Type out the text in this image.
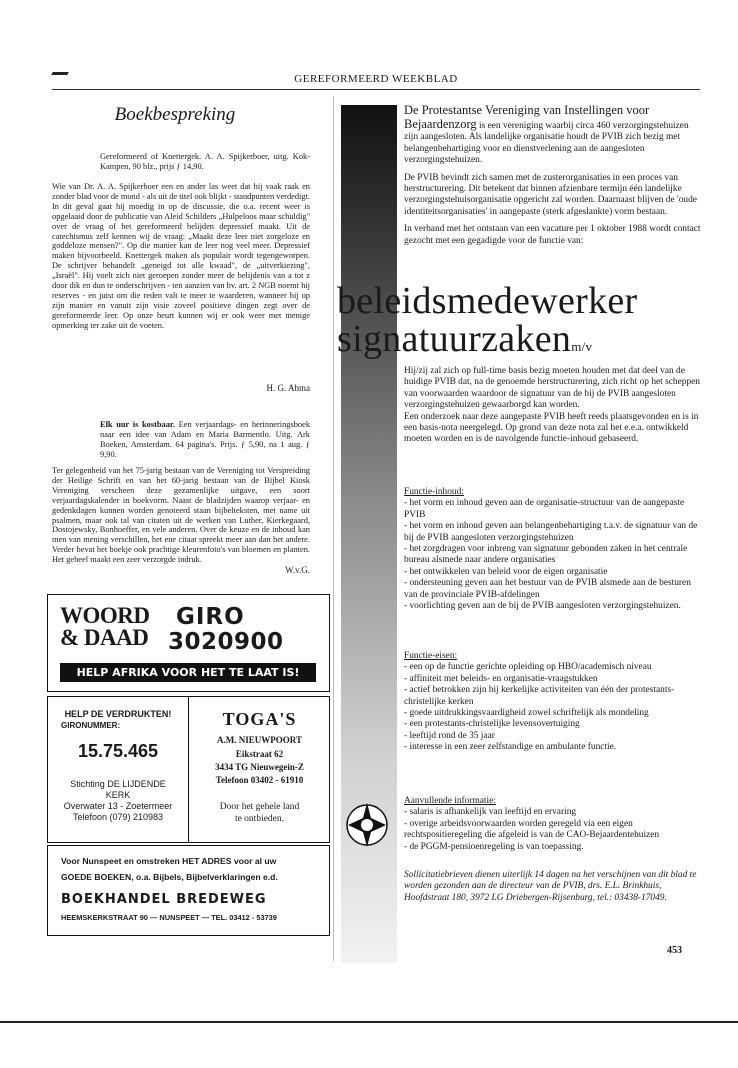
GEREFORMEERD WEEKBLAD
Boekbespreking

Gereformeerd of Knettergek. A. A. Spijkerboer, uitg. Kok-Kampen, 90 blz., prijs ƒ 14,90.

Wie van Dr. A. A. Spijkerboer een en ander las weet dat hij vaak raak en zonder blad voor de mond - als uit de titel ook blijkt - standpunten verdedigt. In dit geval gaat hij moedig in op de discussie, die o.a. recent weer is opgelaaid door de publicatie van Aleid Schilders „Hulpeloos maar schuldig" over de vraag of het gereformeerd belijden depressief maakt. Uit de catechismus zelf kennen wij de vraag: „Maakt deze leer niet zorgeloze en goddeloze mensen?". Op die manier kan de leer nog veel meer. Depressief maken bijvoorbeeld. Knettergek maken als populair wordt tegengeworpen. De schrijver behandelt „geneigd tot alle kwaad", de „uitverkiezing", „Israël". Hij voelt zich niet geroepen zonder meer de belijdenis van a tot z door dik en dun te onderschrijven - ten aanzien van bv. art. 2 NGB noemt hij reserves - en juist om die reden valt te meer te waarderen, wanneer hij op zijn manier en vanuit zijn visie zoveel positieve dingen zegt over de gereformeerde leer. Op onze beurt kunnen wij er ook weer met menige opmerking ter zake uit de voeten.

H. G. Abma

Elk uur is kostbaar. Een verjaardags- en herinneringsboek naar een idee van Adam en Maria Barmentlo. Uitg. Ark Boeken, Amsterdam. 64 pagina's. Prijs. ƒ 5,90, na 1 aug. ƒ 9,90.

Ter gelegenheid van het 75-jarig bestaan van de Vereniging tot Verspreiding der Heilige Schrift en van het 60-jarig bestaan van de Bijbel Kiosk Vereniging verscheen deze gezamenlijke uitgave, een soort verjaardagskalender in boekvorm. Naast de bladzijden waarop verjaar- en gedenkdagen kunnen worden genoteerd staan bijbelteksten, met name uit psalmen, maar ook tal van citaten uit de werken van Luther, Kierkegaard, Dostojewsky, Bonhoeffer, en vele anderen. Over de keuze en de inhoud kan men van mening verschillen, het ene citaat spreekt meer aan dan het andere. Verder bevat het boekje ook prachtige kleurenfoto's van bloemen en planten. Het geheel maakt een zeer verzorgde indruk.

W.v.G.
WOORD
& DAAD
GIRO
3020900
HELP AFRIKA VOOR HET TE LAAT IS!
HELP DE VERDRUKTEN!
GIRONUMMER:
15.75.465
Stichting DE LIJDENDE
KERK
Overwater 13 - Zoetermeer
Telefoon (079) 210983
TOGA'S
A.M. NIEUWPOORT
Eikstraat 62
3434 TG Nieuwegein-Z
Telefoon 03402 - 61910
Door het gehele land
te ontbieden.
Voor Nunspeet en omstreken HET ADRES voor al uw
GOEDE BOEKEN, o.a. Bijbels, Bijbelverklaringen e.d.
BOEKHANDEL BREDEWEG
HEEMSKERKSTRAAT 90 — NUNSPEET — TEL. 03412 - 53739
De Protestantse Vereniging van Instellingen voor

Bejaardenzorg is een vereniging waarbij circa 460 verzorgingstehuizen zijn aangesloten. Als landelijke organisatie houdt de PVIB zich bezig met belangenbehartiging voor en dienstverlening aan de aangesloten verzorgingstehuizen.

De PVIB bevindt zich samen met de zusterorganisaties in een proces van herstructurering. Dit betekent dat binnen afzienbare termijn één landelijke verzorgingstehuisorganisatie opgericht zal worden. Daarnaast blijven de 'oude identiteitsorganisaties' in aangepaste (sterk afgeslankte) vorm bestaan.

In verband met het ontstaan van een vacature per 1 oktober 1988 wordt contact gezocht met een gegadigde voor de functie van:

beleidsmedewerker
signatuurzakenm/v

Hij/zij zal zich op full-time basis bezig moeten houden met dat deel van de huidige PVIB dat, na de genoemde herstructurering, zich richt op het scheppen van voorwaarden waardoor de signatuur van de bij de PVIB aangesloten verzorgingstehuizen gewaarborgd kan worden.

Een onderzoek naar deze aangepaste PVIB heeft reeds plaatsgevonden en is in een basis-nota neergelegd. Op grond van deze nota zal het e.e.a. ontwikkeld moeten worden en is de navolgende functie-inhoud gebaseerd.

Functie-inhoud:
- het vorm en inhoud geven aan de organisatie-structuur van de aangepaste PVIB
- het vorm en inhoud geven aan belangenbehartiging t.a.v. de signatuur van de bij de PVIB aangesloten verzorgingstehuizen
- het zorgdragen voor inbreng van signatuur gebonden zaken in het centrale bureau alsmede naar andere organisaties
- het ontwikkelen van beleid voor de eigen organisatie
- ondersteuning geven aan het bestuur van de PVIB alsmede aan de besturen van de provinciale PVIB-afdelingen
- voorlichting geven aan de bij de PVIB aangesloten verzorgingstehuizen.
Functie-eisen:
- een op de functie gerichte opleiding op HBO/academisch niveau
- affiniteit met beleids- en organisatie-vraagstukken
- actief betrokken zijn bij kerkelijke activiteiten van één der protestants-christelijke kerken
- goede uitdrukkingsvaardigheid zowel schriftelijk als mondeling
- een protestants-christelijke levensovertuiging
- leeftijd rond de 35 jaar
- interesse in een zeer zelfstandige en ambulante functie.
Aanvullende informatie:
- salaris is afhankelijk van leeftijd en ervaring
- overige arbeidsvoorwaarden worden geregeld via een eigen rechtspositieregeling die afgeleid is van de CAO-Bejaardentehuizen
- de PGGM-pensioenregeling is van toepassing.
Sollicitatiebrieven dienen uiterlijk 14 dagen na het verschijnen van dit blad te worden gezonden aan de directeur van de PVIB, drs. E.L. Brinkhuis, Hoofdstraat 180, 3972 LG Driebergen-Rijsenburg, tel.: 03438-17049.
453
